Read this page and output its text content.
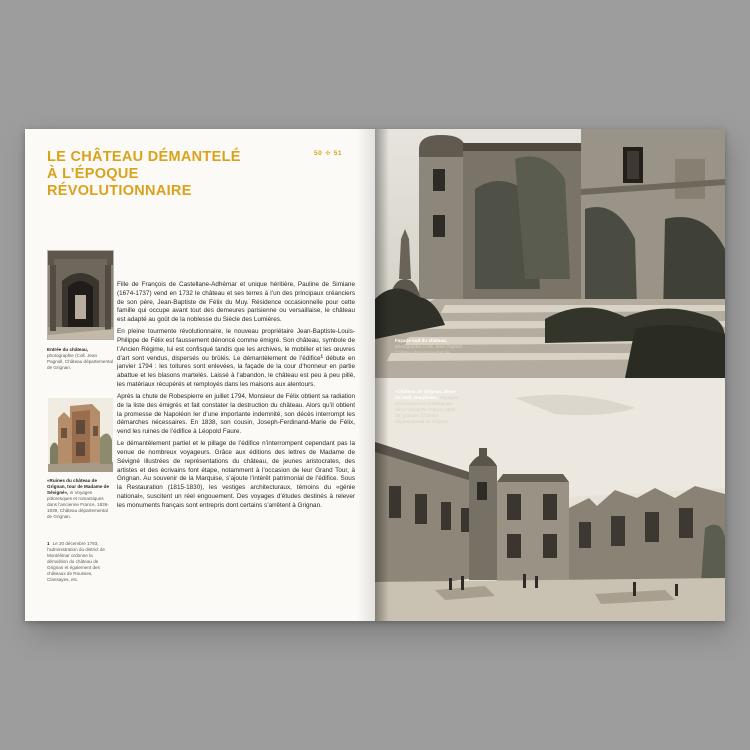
LE CHÂTEAU DÉMANTELÉ
À L’ÉPOQUE
RÉVOLUTIONNAIRE
50 ✣ 51

Entrée du château, photographie (Coll. Jean Pagnoll, Château départemental de Grignan.

«Ruines du château de Grignan, tour de Madame de Sévigné», in Voyages pittoresques et romantiques dans l’ancienne France, 1836-1839, Château départemental de Grignan.

1 Le 20 décembre 1793, l’administration du district de Montélimar ordonne la démolition du château de Grignan et également des châteaux de Rousses, Clansayes, etc.

Fille de François de Castellane-Adhémar et unique héritière, Pauline de Simiane (1674-1737) vend en 1732 le château et ses terres à l’un des principaux créanciers de son père, Jean-Baptiste de Félix du Muy. Résidence occasionnelle pour cette famille qui occupe avant tout des demeures parisienne ou versaillaise, le château est adapté au goût de la noblesse du Siècle des Lumières.

En pleine tourmente révolutionnaire, le nouveau propriétaire Jean-Baptiste-Louis-Philippe de Félix est faussement dénoncé comme émigré. Son château, symbole de l’Ancien Régime, lui est confisqué tandis que les archives, le mobilier et les œuvres d’art sont vendus, dispersés ou brûlés. Le démantèlement de l’édifice$^1$ débute en janvier 1794 : les toitures sont enlevées, la façade de la cour d’honneur en partie abattue et les blasons martelés. Laissé à l’abandon, le château est peu à peu pillé, les matériaux récupérés et remployés dans les maisons aux alentours.

Après la chute de Robespierre en juillet 1794, Monsieur de Félix obtient sa radiation de la liste des émigrés et fait constater la destruction du château. Alors qu’il obtient la promesse de Napoléon Ier d’une importante indemnité, son décès interrompt les démarches nécessaires. En 1838, son cousin, Joseph-Ferdinand-Marie de Félix, vend les ruines de l’édifice à Léopold Faure.

Le démantèlement partiel et le pillage de l’édifice n’interrompent cependant pas la venue de nombreux voyageurs. Grâce aux éditions des lettres de Madame de Sévigné illustrées de représentations du château, de jeunes aristocrates, des artistes et des écrivains font étape, notamment à l’occasion de leur Grand Tour, à Grignan. Au souvenir de la Marquise, s’ajoute l’intérêt patrimonial de l’édifice. Sous la Restauration (1815-1830), les vestiges architecturaux, témoins du «génie national», suscitent un réel engouement. Des voyages d’études destinés à relever les monuments français sont entrepris dont certains s’arrêtent à Grignan.

Façade sud du château, photographie (Coll. Jean Pagnoll, Château départemental de Grignan.

«Château de Grignan, 2ème du midi, Dauphiné», Voyages pittoresques et romantiques dans l’ancienne France, 1836-39, gravure, Château départemental de Grignan.
